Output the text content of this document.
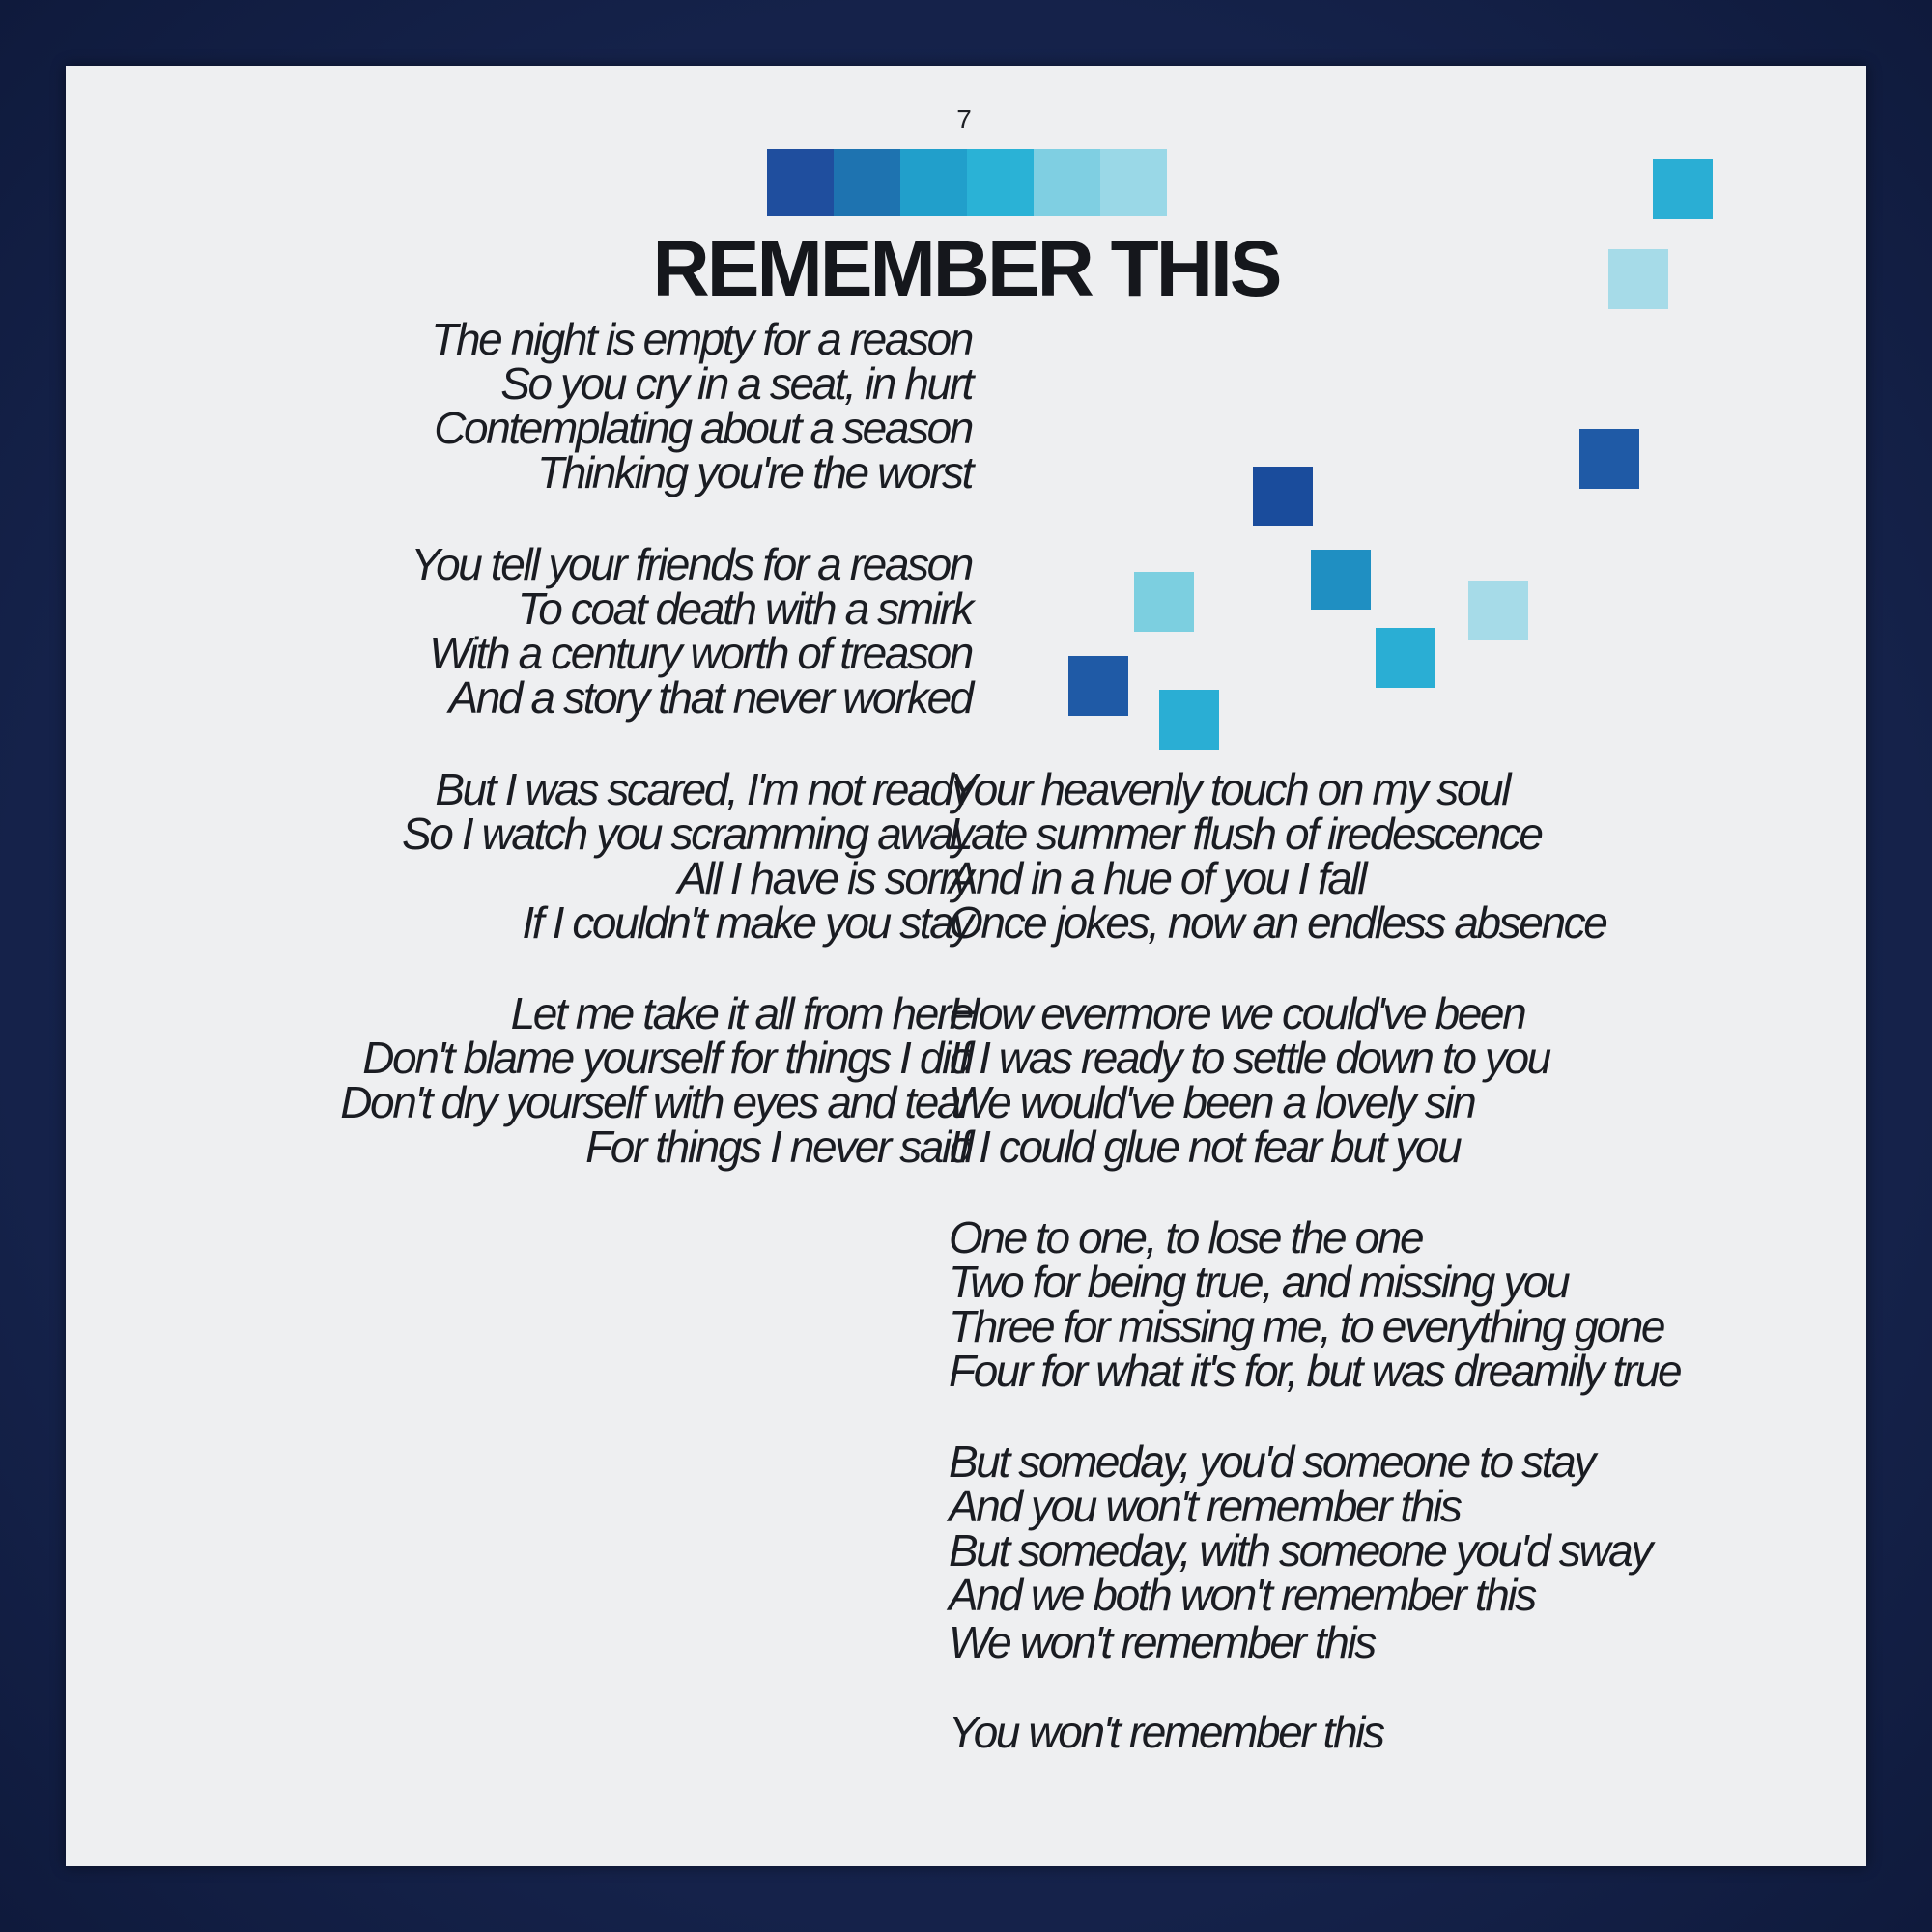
7
REMEMBER THIS
The night is empty for a reason
So you cry in a seat, in hurt
Contemplating about a season
Thinking you're the worst
You tell your friends for a reason
To coat death with a smirk
With a century worth of treason
And a story that never worked
But I was scared, I'm not ready
So I watch you scramming away
All I have is sorry
If I couldn't make you stay
Let me take it all from here
Don't blame yourself for things I did
Don't dry yourself with eyes and tear
For things I never said
Your heavenly touch on my soul
Late summer flush of iredescence
And in a hue of you I fall
Once jokes, now an endless absence
How evermore we could've been
If I was ready to settle down to you
We would've been a lovely sin
If I could glue not fear but you
One to one, to lose the one
Two for being true, and missing you
Three for missing me, to everything gone
Four for what it's for, but was dreamily true
But someday, you'd someone to stay
And you won't remember this
But someday, with someone you'd sway
And we both won't remember this
We won't remember this
You won't remember this
